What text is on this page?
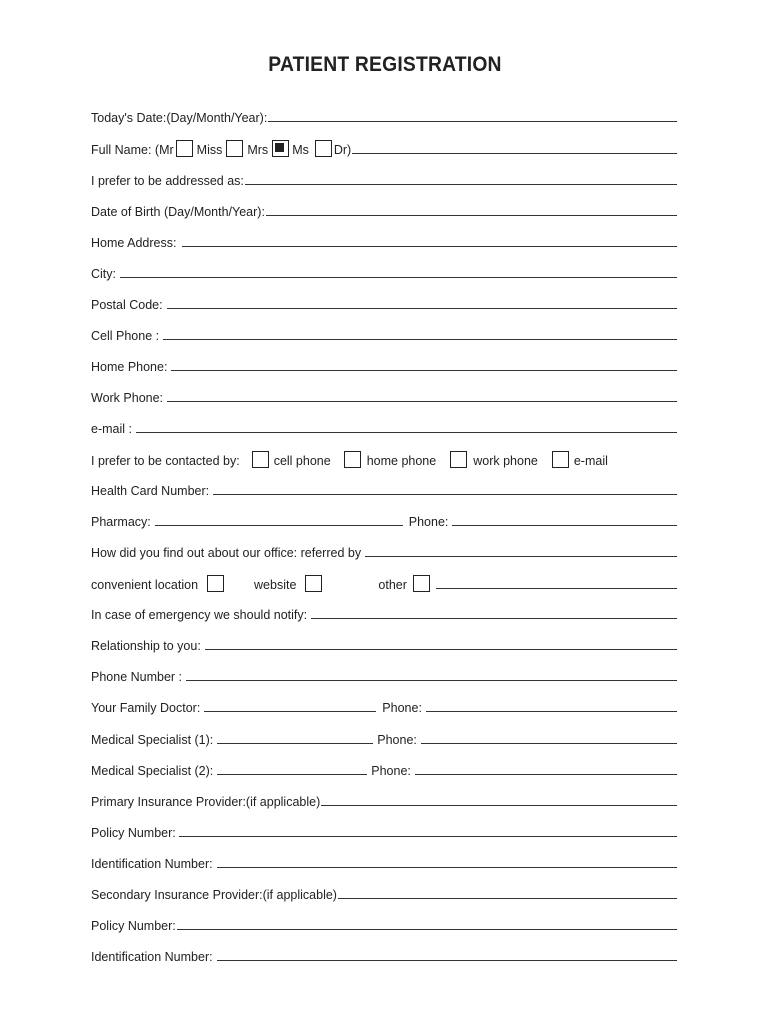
PATIENT REGISTRATION
Today's Date:(Day/Month/Year):
Full Name: (Mr Miss Mrs Ms Dr)
I prefer to be addressed as:
Date of Birth (Day/Month/Year):
Home Address:
City:
Postal Code:
Cell Phone :
Home Phone:
Work Phone:
e-mail :
I prefer to be contacted by:	cell phone	home phone	work phone	e-mail
Health Card Number:
Pharmacy:	Phone:
How did you find out about our office: referred by
convenient location	website	other
In case of emergency we should notify:
Relationship to you:
Phone Number :
Your Family Doctor:	Phone:
Medical Specialist (1):	Phone:
Medical Specialist (2):	Phone:
Primary Insurance Provider:(if applicable)
Policy Number:
Identification Number:
Secondary Insurance Provider:(if applicable)
Policy Number:
Identification Number:
